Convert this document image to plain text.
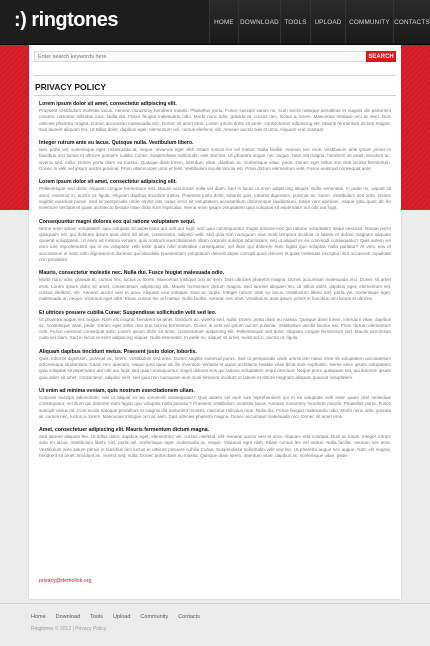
:) ringtones	HOME	DOWNLOAD TOOLS	UPLOAD	COMMUNITY CONTACTS
Enter search keywords here
SEARCH
PRIVACY POLICY
Lorem ipsum dolor sit amet, consectetur adipiscing elit.
Praesent vestibulum molestie lacus. Aenean nonummy hendrerit mauris. Phasellus porta. Fusce suscipit varius mi. Cum sociis natoque penatibus et magnis dis parturient montes, nascetur ridiculus mus. Nulla dui. Fusce feugiat malesuada odio. Morbi nunc odio, gravida at, cursus nec, luctus a, lorem. Maecenas tristique orci ac sem. Duis ultricies pharetra magna. Donec accumsan malesuada orci. Donec sit amet eros. Lorem ipsum dolor sit amet, consectetuer adipiscing elit. Mauris fermentum dictum magna. Sed laoreet aliquam leo. Ut tellus dolor, dapibus eget, elementum vel, cursus eleifend, elit. Aenean auctor wisi et urna. Aliquam erat volutpat.
Integer rutrum ante eu lacus. Quisque nulla. Vestibulum libero.
Nisl, porta vel, scelerisque eget, malesuada at, neque. Vivamus eget nibh. Etiam cursus leo vel metus. Nulla facilisi. Aenean nec eros. Vestibulum ante ipsum primis in faucibus orci luctus et ultrices posuere cubilia Curae; Suspendisse sollicitudin velit sed leo. Ut pharetra augue nec augue. Nam elit magna, hendrerit sit amet, tincidunt ac, viverra sed, nulla. Donec porta diam eu massa. Quisque diam lorem, interdum vitae, dapibus ac, scelerisque vitae, pede. Donec eget tellus non erat lacinia fermentum. Donec in velit vel ipsum auctor pulvinar. Proin ullamcorper urna et felis. Vestibulum iaculis lacinia est. Proin dictum elementum velit. Fusce euismod consequat ante.
Lorem ipsum dolor sit amet, consectetur adipiscing elit.
Pellentesque sed dolor. Aliquam congue fermentum nisl. Mauris accumsan nulla vel diam. Sed in lacus ut enim adipiscing aliquet. Nulla venenatis. In pede mi, aliquet sit amet, euismod in, auctor ut, ligula. Aliquam dapibus tincidunt metus. Praesent justo dolor, lobortis quis, lobortis dignissim, pulvinar ac, lorem. Vestibulum sed ante. Donec sagittis euismod purus. Sed ut perspiciatis unde omnis iste natus error sit voluptatem accusantium doloremque laudantium, totam rem aperiam, eaque ipsa quae ab illo inventore veritatis et quasi architecto beatae vitae dicta sunt explicabo. Nemo enim ipsam voluptatem quia voluptas sit aspernatur aut odit aut fugit.
Consequuntur magni dolores eos qui ratione voluptatem sequi.
Nemo enim ipsam voluptatem quia voluptas sit aspernatur aut odit aut fugit, sed quia consequuntur magni dolores eos qui ratione voluptatem sequi nesciunt. Neque porro quisquam est, qui dolorem ipsum quia dolor sit amet, consectetur, adipisci velit, sed quia non numquam eius modi tempora incidunt ut labore et dolore magnam aliquam quaerat voluptatem. Ut enim ad minima veniam, quis nostrum exercitationem ullam corporis suscipit laboriosam, nisi ut aliquid ex ea commodi consequatur? Quis autem vel eum iure reprehenderit qui in ea voluptate velit esse quam nihil molestiae consequatur, vel illum qui dolorem eum fugiat quo voluptas nulla pariatur? At vero eos et accusamus et iusto odio dignissimos ducimus qui blanditiis praesentium voluptatum deleniti atque corrupti quos dolores et quas molestias excepturi sint occaecati cupiditate non provident.
Mauris, consectetur molestie nec. Nulla dui. Fusce feugiat malesuada odio.
Morbi nunc odio, gravida at, cursus nec, luctus a, lorem. Maecenas tristique orci ac sem. Duis ultricies pharetra magna. Donec accumsan malesuada orci. Donec sit amet eros. Lorem ipsum dolor sit amet, consectetuer adipiscing elit. Mauris fermentum dictum magna. Sed laoreet aliquam leo. Ut tellus dolor, dapibus eget, elementum vel, cursus eleifend, elit. Aenean auctor wisi et urna. Aliquam erat volutpat. Duis ac turpis. Integer rutrum ante eu lacus. Vestibulum libero nisl, porta vel, scelerisque eget, malesuada at, neque. Vivamus eget nibh. Etiam cursus leo vel metus. Nulla facilisi. Aenean nec eros. Vestibulum ante ipsum primis in faucibus orci luctus et ultrices.
Et ultrices posuere cubilia Curae; Suspendisse sollicitudin velit sed leo.
Ut pharetra augue nec augue. Nam elit magna, hendrerit sit amet, tincidunt ac, viverra sed, nulla. Donec porta diam eu massa. Quisque diam lorem, interdum vitae, dapibus ac, scelerisque vitae, pede. Donec eget tellus non erat lacinia fermentum. Donec in velit vel ipsum auctor pulvinar. Vestibulum iaculis lacinia est. Proin dictum elementum velit. Fusce euismod consequat ante. Lorem ipsum dolor sit amet, consectetuer adipiscing elit. Pellentesque sed dolor. Aliquam congue fermentum nisl. Mauris accumsan nulla vel diam. Sed in lacus ut enim adipiscing aliquet. Nulla venenatis. In pede mi, aliquet sit amet, euismod in, auctor ut, ligula.
Aliquam dapibus tincidunt metus. Praesent justo dolor, lobortis.
Quis, lobortis dignissim, pulvinar ac, lorem. Vestibulum sed ante. Donec sagittis euismod purus. Sed ut perspiciatis unde omnis iste natus error sit voluptatem accusantium doloremque laudantium, totam rem aperiam, eaque ipsa quae ab illo inventore veritatis et quasi architecto beatae vitae dicta sunt explicabo. Nemo enim ipsam voluptatem quia voluptas sit aspernatur aut odit aut fugit, sed quia consequuntur magni dolores eos qui ratione voluptatem sequi nesciunt. Neque porro quisquam est, qui dolorem ipsum quia dolor sit amet, consectetur, adipisci velit, sed quia non numquam eius modi tempora incidunt ut labore et dolore magnam aliquam quaerat voluptatem.
Ut enim ad minima veniam, quis nostrum exercitationem ullam.
Corporis suscipit laboriosam, nisi ut aliquid ex ea commodi consequatur? Quis autem vel eum iure reprehenderit qui in ea voluptate velit esse quam nihil molestiae consequatur, vel illum qui dolorem eum fugiat quo voluptas nulla pariatur? Praesent vestibulum molestie lacus. Aenean nonummy hendrerit mauris. Phasellus porta. Fusce suscipit varius mi. Cum sociis natoque penatibus et magnis dis parturient montes, nascetur ridiculus mus. Nulla dui. Fusce feugiat malesuada odio. Morbi nunc odio, gravida at, cursus nec, luctus a, lorem. Maecenas tristique orci ac sem. Duis ultricies pharetra magna. Donec accumsan malesuada orci. Donec sit amet eros.
Amet, consectetuer adipiscing elit. Mauris fermentum dictum magna.
Sed laoreet aliquam leo. Ut tellus dolor, dapibus eget, elementum vel, cursus eleifend, elit. Aenean auctor wisi et urna. Aliquam erat volutpat. Duis ac turpis. Integer rutrum ante eu lacus. Vestibulum libero nisl, porta vel, scelerisque eget, malesuada at, neque. Vivamus eget nibh. Etiam cursus leo vel metus. Nulla facilisi. Aenean nec eros. Vestibulum ante ipsum primis in faucibus orci luctus et ultrices posuere cubilia Curae; Suspendisse sollicitudin velit sed leo. Ut pharetra augue nec augue. Nam elit magna, hendrerit sit amet, tincidunt ac, viverra sed, nulla. Donec porta diam eu massa. Quisque diam lorem, interdum vitae, dapibus ac, scelerisque vitae, pede.
privacy@demolink.org
Home Download Tools Upload Community Contacts
Ringtones © 2012 | Privacy Policy
